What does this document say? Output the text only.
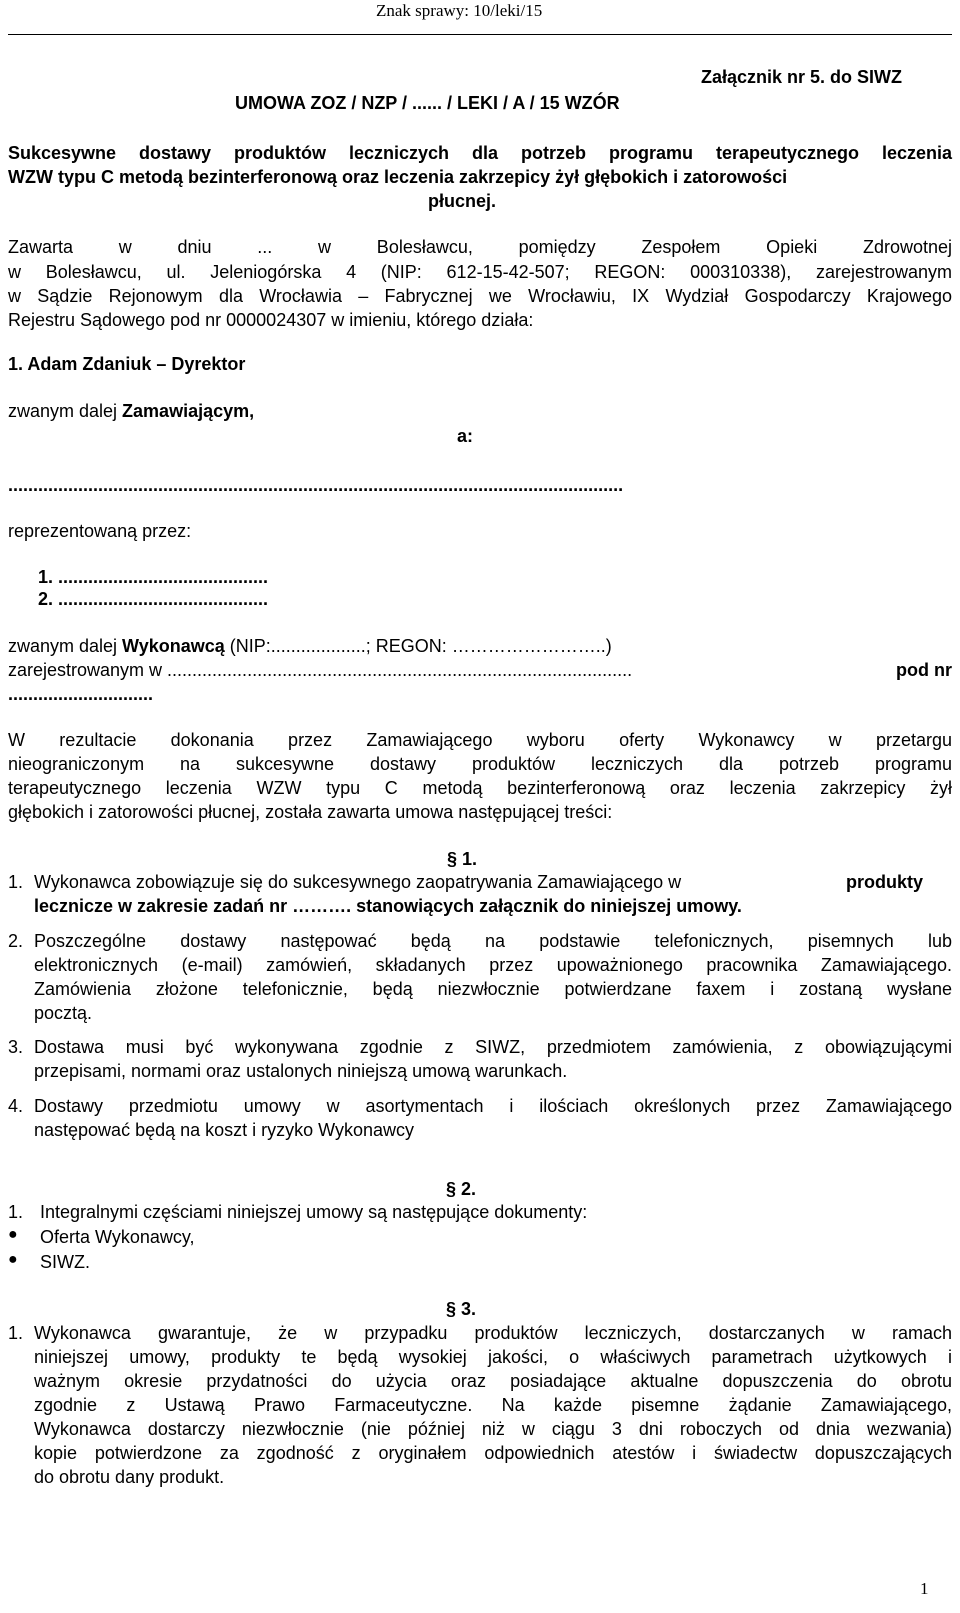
Znak sprawy: 10/leki/15
Załącznik nr 5. do SIWZ
UMOWA ZOZ / NZP / ...... / LEKI / A / 15 WZÓR
Sukcesywne dostawy produktów leczniczych dla potrzeb programu terapeutycznego leczenia
WZW typu C metodą bezinterferonową oraz leczenia zakrzepicy żył głębokich i zatorowości
płucnej.
Zawarta w dniu ... w Bolesławcu, pomiędzy Zespołem Opieki Zdrowotnej
w Bolesławcu, ul. Jeleniogórska 4 (NIP: 612-15-42-507; REGON: 000310338), zarejestrowanym
w Sądzie Rejonowym dla Wrocławia – Fabrycznej we Wrocławiu, IX Wydział Gospodarczy Krajowego
Rejestru Sądowego pod nr 0000024307 w imieniu, którego działa:
1. Adam Zdaniuk – Dyrektor
zwanym dalej Zamawiającym,
a:
...........................................................................................................................
reprezentowaną przez:
1. ..........................................
2. ..........................................
zwanym dalej Wykonawcą (NIP:...................; REGON: ……………………..)
zarejestrowanym w .............................................................................................	pod nr
.............................
W rezultacie dokonania przez Zamawiającego wyboru oferty Wykonawcy w przetargu
nieograniczonym na sukcesywne dostawy produktów leczniczych dla potrzeb programu
terapeutycznego leczenia WZW typu C metodą bezinterferonową oraz leczenia zakrzepicy żył
głębokich i zatorowości płucnej, została zawarta umowa następującej treści:
§ 1.
1. Wykonawca zobowiązuje się do sukcesywnego zaopatrywania Zamawiającego w	produkty
lecznicze w zakresie zadań nr ………. stanowiących załącznik do niniejszej umowy.
2. Poszczególne dostawy następować będą na podstawie telefonicznych, pisemnych lub
elektronicznych (e-mail) zamówień, składanych przez upoważnionego pracownika Zamawiającego.
Zamówienia złożone telefonicznie, będą niezwłocznie potwierdzane faxem i zostaną wysłane
pocztą.
3. Dostawa musi być wykonywana zgodnie z SIWZ, przedmiotem zamówienia, z obowiązującymi
przepisami, normami oraz ustalonych niniejszą umową warunkach.
4. Dostawy przedmiotu umowy w asortymentach i ilościach określonych przez Zamawiającego
następować będą na koszt i ryzyko Wykonawcy
§ 2.
1. Integralnymi częściami niniejszej umowy są następujące dokumenty:
● Oferta Wykonawcy,
● SIWZ.
§ 3.
1. Wykonawca gwarantuje, że w przypadku produktów leczniczych, dostarczanych w ramach
niniejszej umowy, produkty te będą wysokiej jakości, o właściwych parametrach użytkowych i
ważnym okresie przydatności do użycia oraz posiadające aktualne dopuszczenia do obrotu
zgodnie z Ustawą Prawo Farmaceutyczne. Na każde pisemne żądanie Zamawiającego,
Wykonawca dostarczy niezwłocznie (nie później niż w ciągu 3 dni roboczych od dnia wezwania)
kopie potwierdzone za zgodność z oryginałem odpowiednich atestów i świadectw dopuszczających
do obrotu dany produkt.
1
